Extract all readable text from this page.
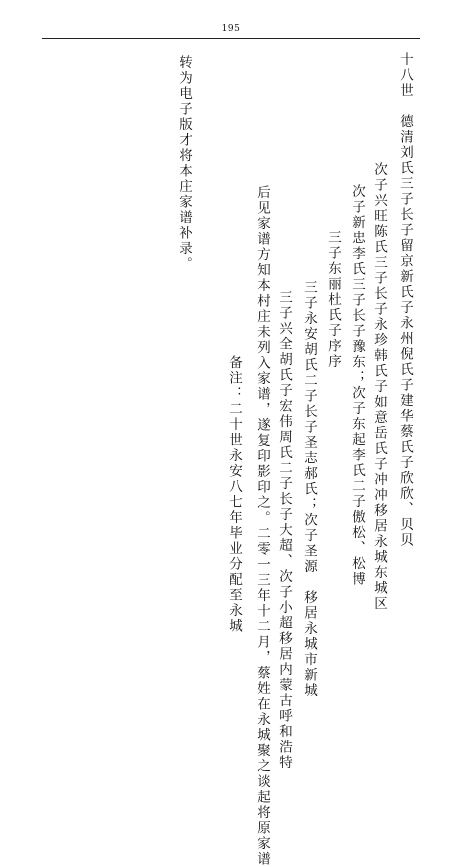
195
十八世　德清刘氏三子长子留京新氏子永州倪氏子建华蔡氏子欣欣、贝贝
次子兴旺陈氏三子长子永珍韩氏子如意岳氏子冲冲移居永城东城区
次子新忠李氏三子长子豫东；次子东起李氏二子傲松、松博
三子东丽杜氏子序序
三子永安胡氏二子长子圣志郝氏；次子圣源　移居永城市新城
三子兴全胡氏子宏伟周氏二子长子大超、次子小超移居内蒙古呼和浩特
后见家谱方知本村庄未列入家谱，遂复印影印之。二零一三年十二月，蔡姓在永城聚之谈起将原家谱
备注：二十世永安八七年毕业分配至永城
转为电子版才将本庄家谱补录。
